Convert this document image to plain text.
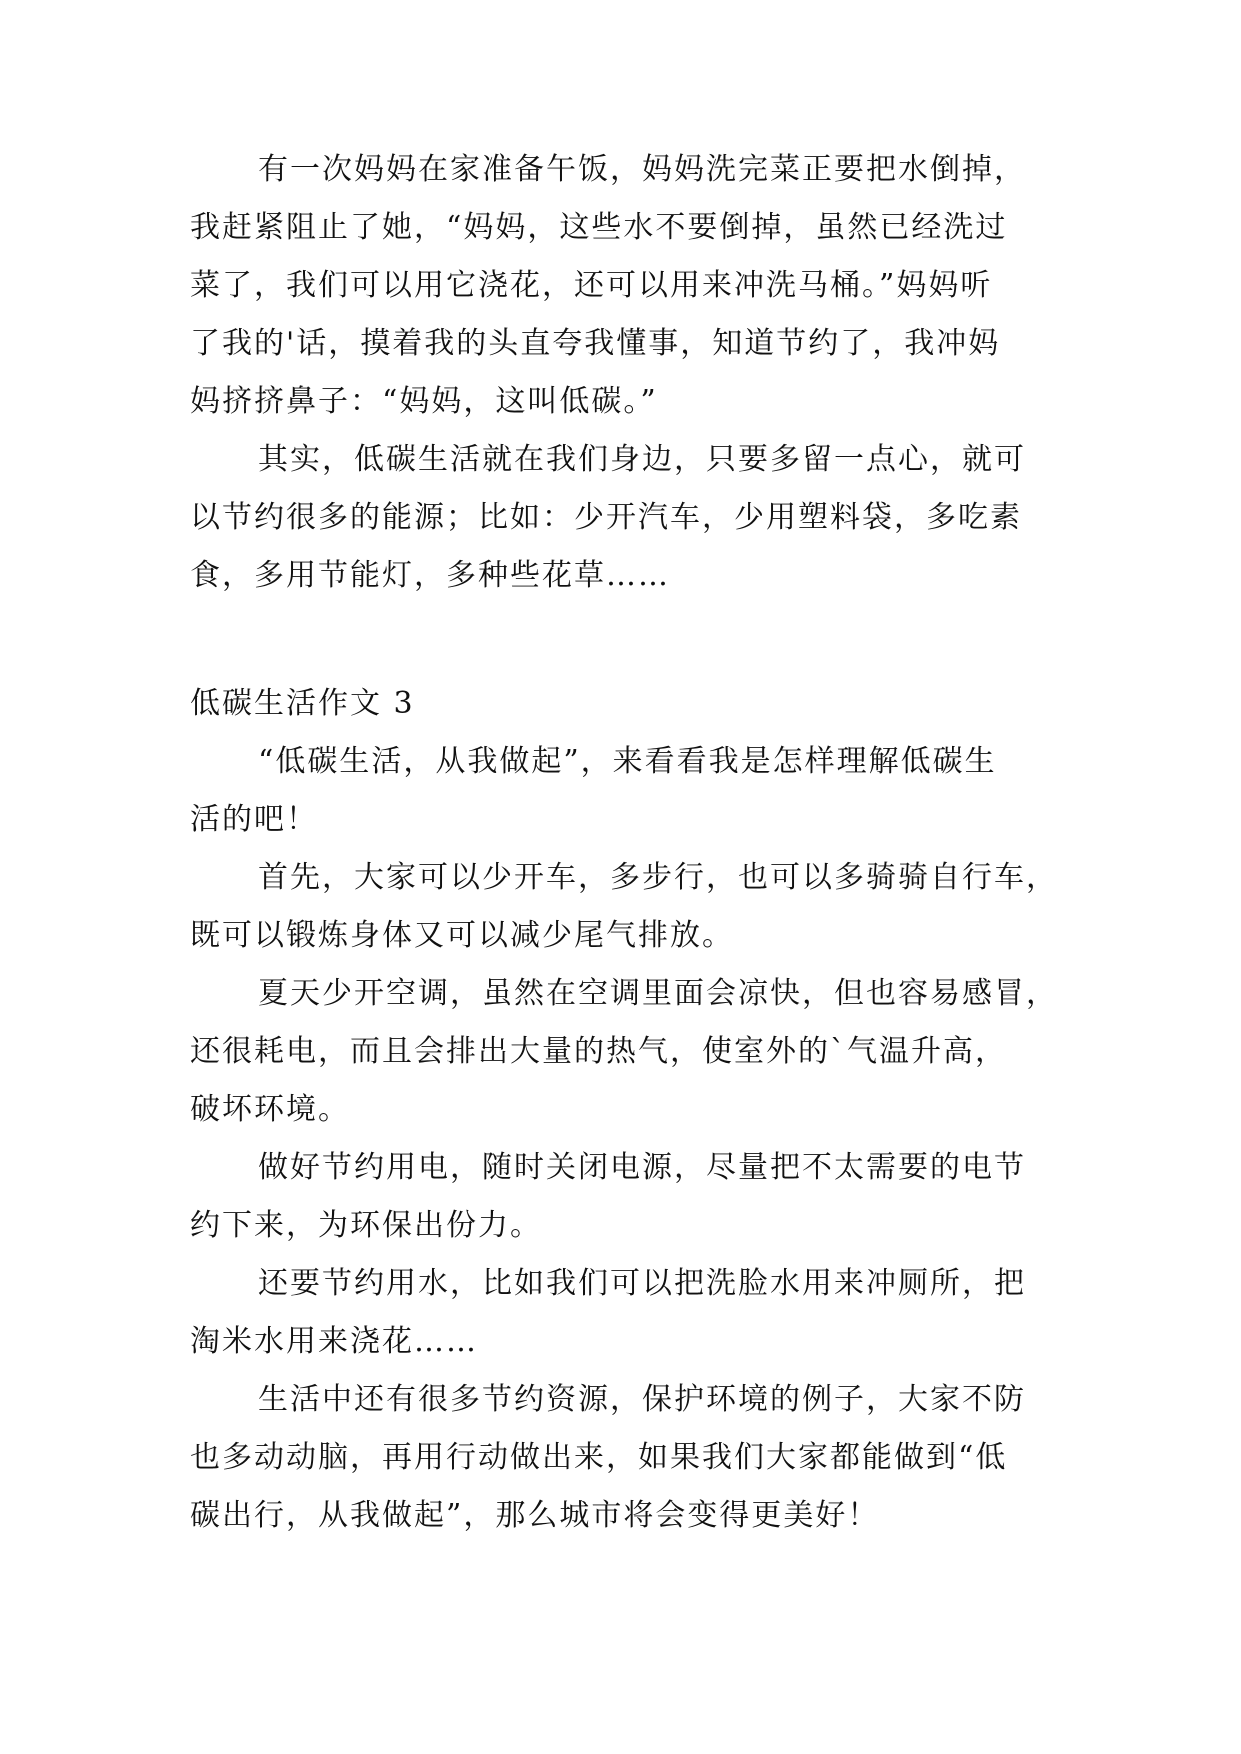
有一次妈妈在家准备午饭，妈妈洗完菜正要把水倒掉，

我赶紧阻止了她，“妈妈，这些水不要倒掉，虽然已经洗过

菜了，我们可以用它浇花，还可以用来冲洗马桶。”妈妈听

了我的'话，摸着我的头直夸我懂事，知道节约了，我冲妈

妈挤挤鼻子：“妈妈，这叫低碳。”

其实，低碳生活就在我们身边，只要多留一点心，就可

以节约很多的能源；比如：少开汽车，少用塑料袋，多吃素

食，多用节能灯，多种些花草……

低碳生活作文 3

“低碳生活，从我做起”，来看看我是怎样理解低碳生

活的吧！

首先，大家可以少开车，多步行，也可以多骑骑自行车，

既可以锻炼身体又可以减少尾气排放。

夏天少开空调，虽然在空调里面会凉快，但也容易感冒，

还很耗电，而且会排出大量的热气，使室外的`气温升高，

破坏环境。

做好节约用电，随时关闭电源，尽量把不太需要的电节

约下来，为环保出份力。

还要节约用水，比如我们可以把洗脸水用来冲厕所，把

淘米水用来浇花……

生活中还有很多节约资源，保护环境的例子，大家不防

也多动动脑，再用行动做出来，如果我们大家都能做到“低

碳出行，从我做起”，那么城市将会变得更美好！
